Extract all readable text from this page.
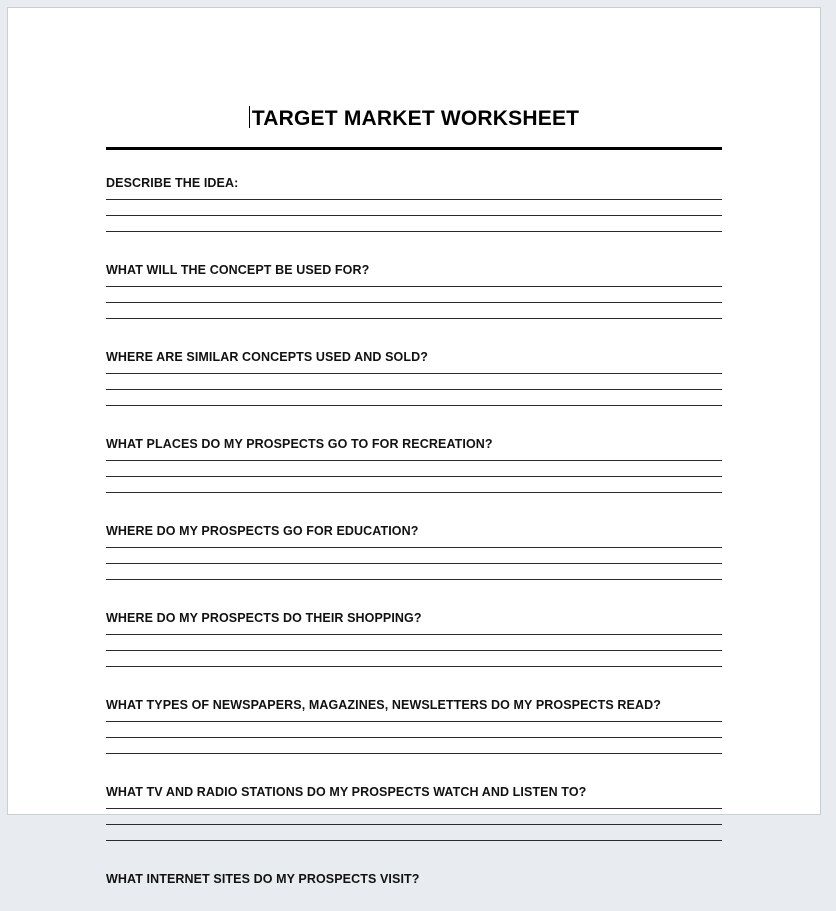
TARGET MARKET WORKSHEET
DESCRIBE THE IDEA:
WHAT WILL THE CONCEPT BE USED FOR?
WHERE ARE SIMILAR CONCEPTS USED AND SOLD?
WHAT PLACES DO MY PROSPECTS GO TO FOR RECREATION?
WHERE DO MY PROSPECTS GO FOR EDUCATION?
WHERE DO MY PROSPECTS DO THEIR SHOPPING?
WHAT TYPES OF NEWSPAPERS, MAGAZINES, NEWSLETTERS DO MY PROSPECTS READ?
WHAT TV AND RADIO STATIONS DO MY PROSPECTS WATCH AND LISTEN TO?
WHAT INTERNET SITES DO MY PROSPECTS VISIT?
